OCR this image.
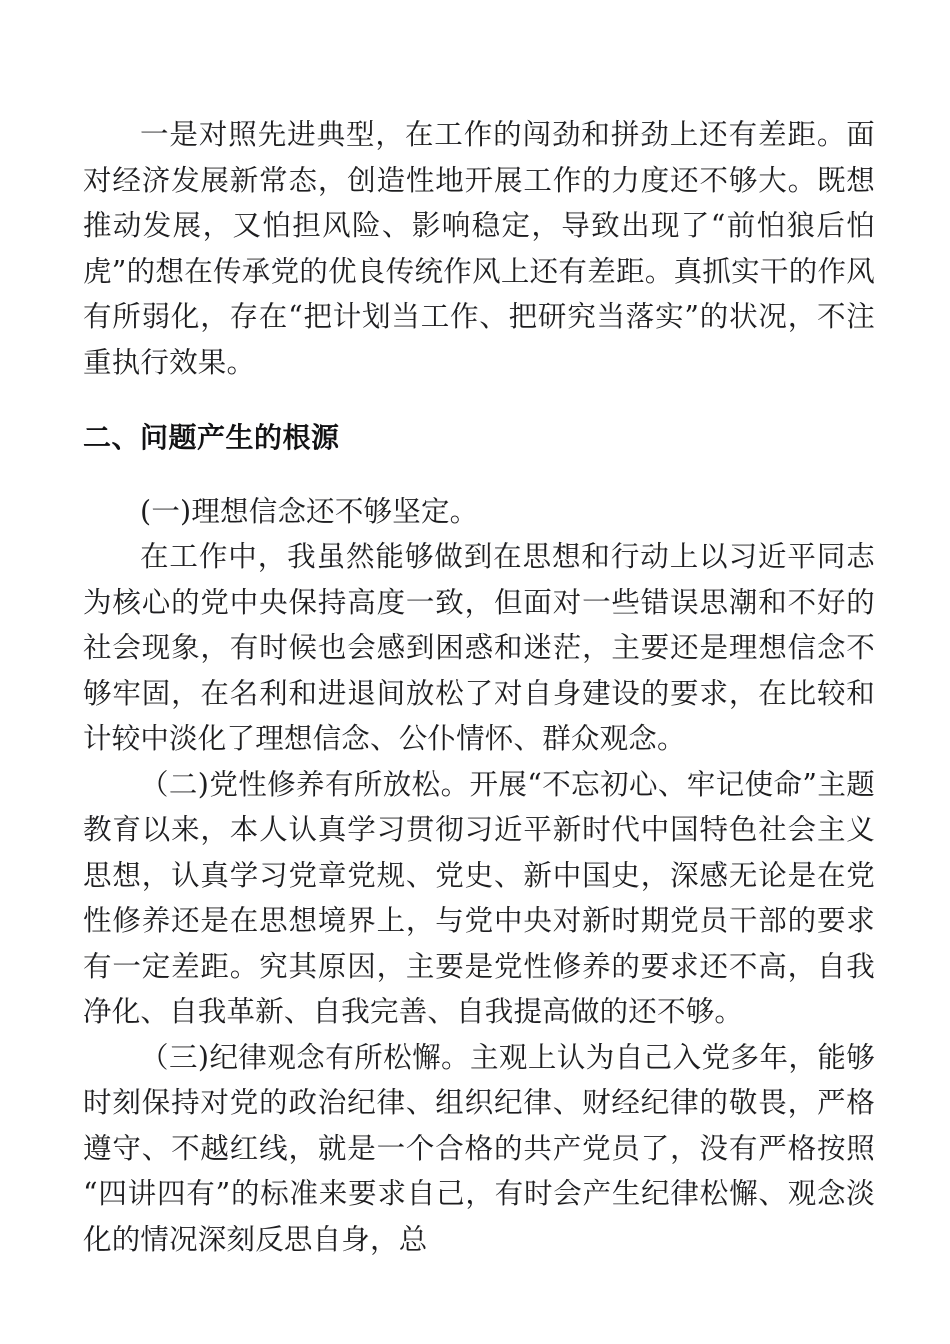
一是对照先进典型，在工作的闯劲和拼劲上还有差距。面对经济发展新常态，创造性地开展工作的力度还不够大。既想推动发展，又怕担风险、影响稳定，导致出现了“前怕狼后怕虎”的想在传承党的优良传统作风上还有差距。真抓实干的作风有所弱化，存在“把计划当工作、把研究当落实”的状况，不注重执行效果。

二、问题产生的根源

(一)理想信念还不够坚定。

在工作中，我虽然能够做到在思想和行动上以习近平同志为核心的党中央保持高度一致，但面对一些错误思潮和不好的社会现象，有时候也会感到困惑和迷茫，主要还是理想信念不够牢固，在名利和进退间放松了对自身建设的要求，在比较和计较中淡化了理想信念、公仆情怀、群众观念。

（二)党性修养有所放松。开展“不忘初心、牢记使命”主题教育以来，本人认真学习贯彻习近平新时代中国特色社会主义思想，认真学习党章党规、党史、新中国史，深感无论是在党性修养还是在思想境界上，与党中央对新时期党员干部的要求有一定差距。究其原因，主要是党性修养的要求还不高，自我净化、自我革新、自我完善、自我提高做的还不够。

（三)纪律观念有所松懈。主观上认为自己入党多年，能够时刻保持对党的政治纪律、组织纪律、财经纪律的敬畏，严格遵守、不越红线，就是一个合格的共产党员了，没有严格按照“四讲四有”的标准来要求自己，有时会产生纪律松懈、观念淡化的情况深刻反思自身，总
